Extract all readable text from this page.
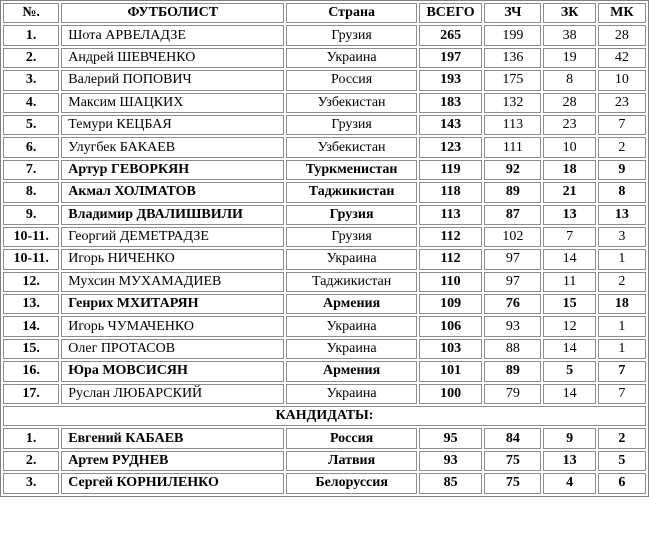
№.	ФУТБОЛИСТ	Страна	ВСЕГО	ЗЧ	ЗК	МК
1.	Шота АРВЕЛАДЗЕ	Грузия	265	199	38	28
2.	Андрей ШЕВЧЕНКО	Украина	197	136	19	42
3.	Валерий ПОПОВИЧ	Россия	193	175	8	10
4.	Максим ШАЦКИХ	Узбекистан	183	132	28	23
5.	Темури КЕЦБАЯ	Грузия	143	113	23	7
6.	Улугбек БАКАЕВ	Узбекистан	123	111	10	2
7.	Артур ГЕВОРКЯН	Туркменистан	119	92	18	9
8.	Акмал ХОЛМАТОВ	Таджикистан	118	89	21	8
9.	Владимир ДВАЛИШВИЛИ	Грузия	113	87	13	13
10-11.	Георгий ДЕМЕТРАДЗЕ	Грузия	112	102	7	3
10-11.	Игорь НИЧЕНКО	Украина	112	97	14	1
12.	Мухсин МУХАМАДИЕВ	Таджикистан	110	97	11	2
13.	Генрих МХИТАРЯН	Армения	109	76	15	18
14.	Игорь ЧУМАЧЕНКО	Украина	106	93	12	1
15.	Олег ПРОТАСОВ	Украина	103	88	14	1
16.	Юра МОВСИСЯН	Армения	101	89	5	7
17.	Руслан ЛЮБАРСКИЙ	Украина	100	79	14	7
КАНДИДАТЫ:						
1.	Евгений КАБАЕВ	Россия	95	84	9	2
2.	Артем РУДНЕВ	Латвия	93	75	13	5
3.	Сергей КОРНИЛЕНКО	Белоруссия	85	75	4	6
